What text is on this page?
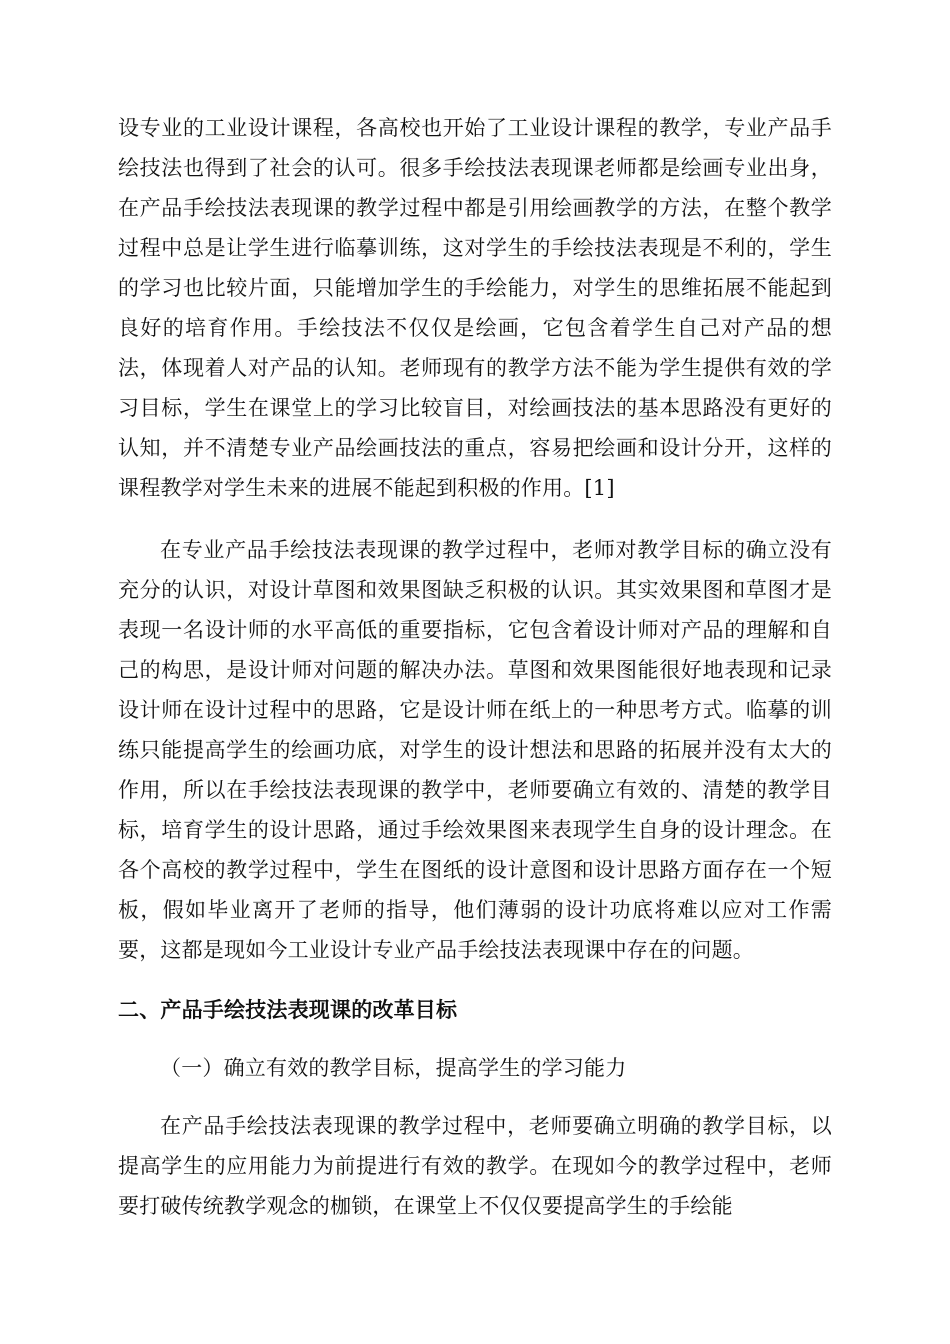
设专业的工业设计课程，各高校也开始了工业设计课程的教学，专业产品手绘技法也得到了社会的认可。很多手绘技法表现课老师都是绘画专业出身，在产品手绘技法表现课的教学过程中都是引用绘画教学的方法，在整个教学过程中总是让学生进行临摹训练，这对学生的手绘技法表现是不利的，学生的学习也比较片面，只能增加学生的手绘能力，对学生的思维拓展不能起到良好的培育作用。手绘技法不仅仅是绘画，它包含着学生自己对产品的想法，体现着人对产品的认知。老师现有的教学方法不能为学生提供有效的学习目标，学生在课堂上的学习比较盲目，对绘画技法的基本思路没有更好的认知，并不清楚专业产品绘画技法的重点，容易把绘画和设计分开，这样的课程教学对学生未来的进展不能起到积极的作用。[1]

在专业产品手绘技法表现课的教学过程中，老师对教学目标的确立没有充分的认识，对设计草图和效果图缺乏积极的认识。其实效果图和草图才是表现一名设计师的水平高低的重要指标，它包含着设计师对产品的理解和自己的构思，是设计师对问题的解决办法。草图和效果图能很好地表现和记录设计师在设计过程中的思路，它是设计师在纸上的一种思考方式。临摹的训练只能提高学生的绘画功底，对学生的设计想法和思路的拓展并没有太大的作用，所以在手绘技法表现课的教学中，老师要确立有效的、清楚的教学目标，培育学生的设计思路，通过手绘效果图来表现学生自身的设计理念。在各个高校的教学过程中，学生在图纸的设计意图和设计思路方面存在一个短板，假如毕业离开了老师的指导，他们薄弱的设计功底将难以应对工作需要，这都是现如今工业设计专业产品手绘技法表现课中存在的问题。

二、产品手绘技法表现课的改革目标

（一）确立有效的教学目标，提高学生的学习能力

在产品手绘技法表现课的教学过程中，老师要确立明确的教学目标，以提高学生的应用能力为前提进行有效的教学。在现如今的教学过程中，老师要打破传统教学观念的枷锁，在课堂上不仅仅要提高学生的手绘能
